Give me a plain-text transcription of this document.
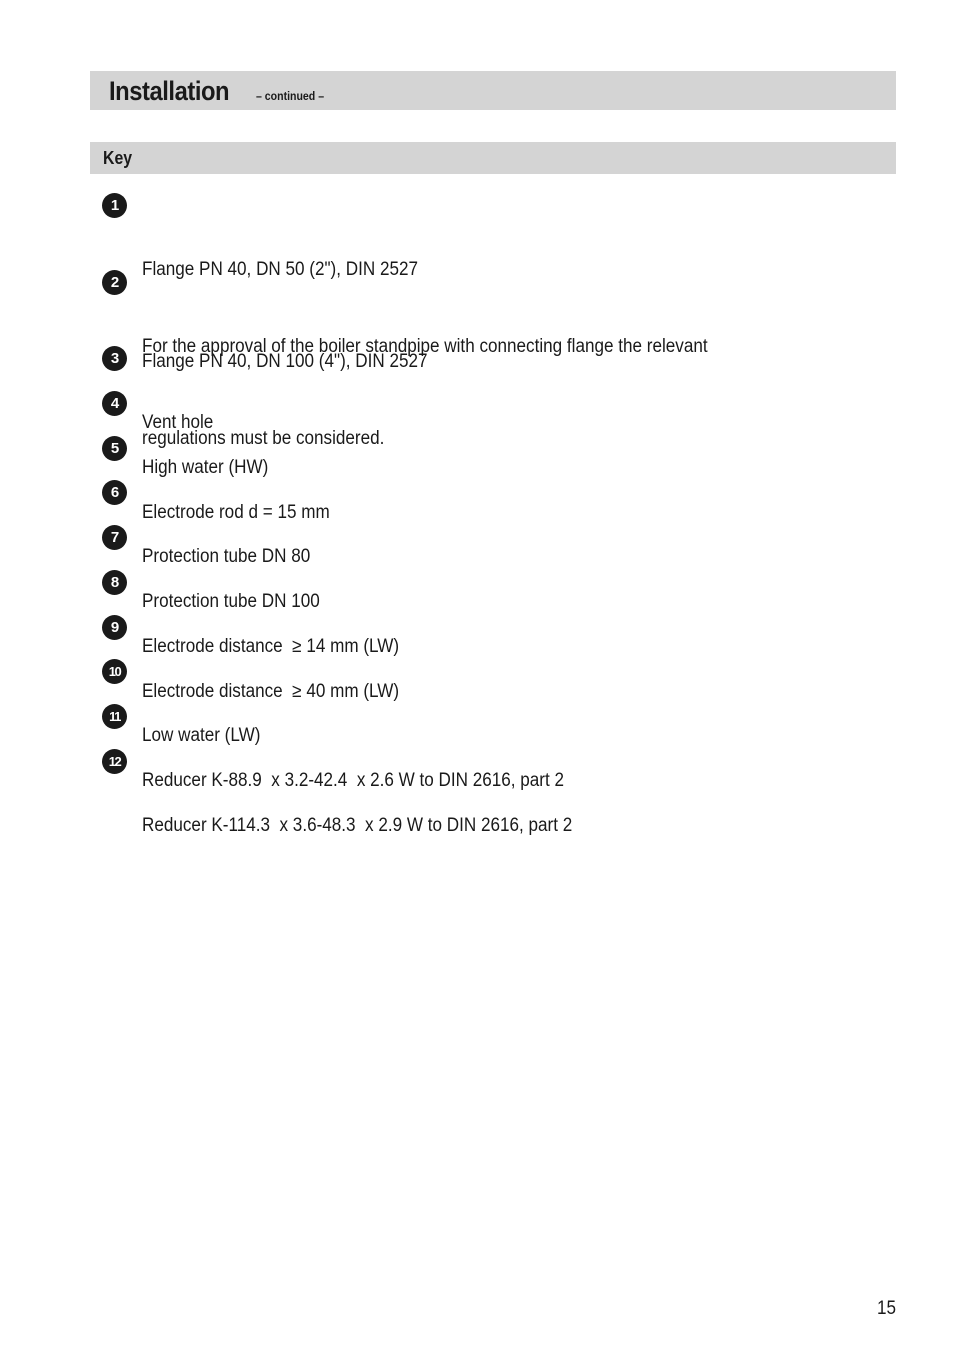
Installation – continued –
Key
1

Flange PN 40, DN 50 (2"), DIN 2527

Flange PN 40, DN 100 (4"), DIN 2527

2

For the approval of the boiler standpipe with connecting flange the relevant

regulations must be considered.

3

Vent hole

4

High water (HW)

5

Electrode rod d = 15 mm

6

Protection tube DN 80

7

Protection tube DN 100

8

Electrode distance  ≥ 14 mm (LW)

9

Electrode distance  ≥ 40 mm (LW)

10

Low water (LW)

11

Reducer K-88.9  x 3.2-42.4  x 2.6 W to DIN 2616, part 2

12

Reducer K-114.3  x 3.6-48.3  x 2.9 W to DIN 2616, part 2

15
